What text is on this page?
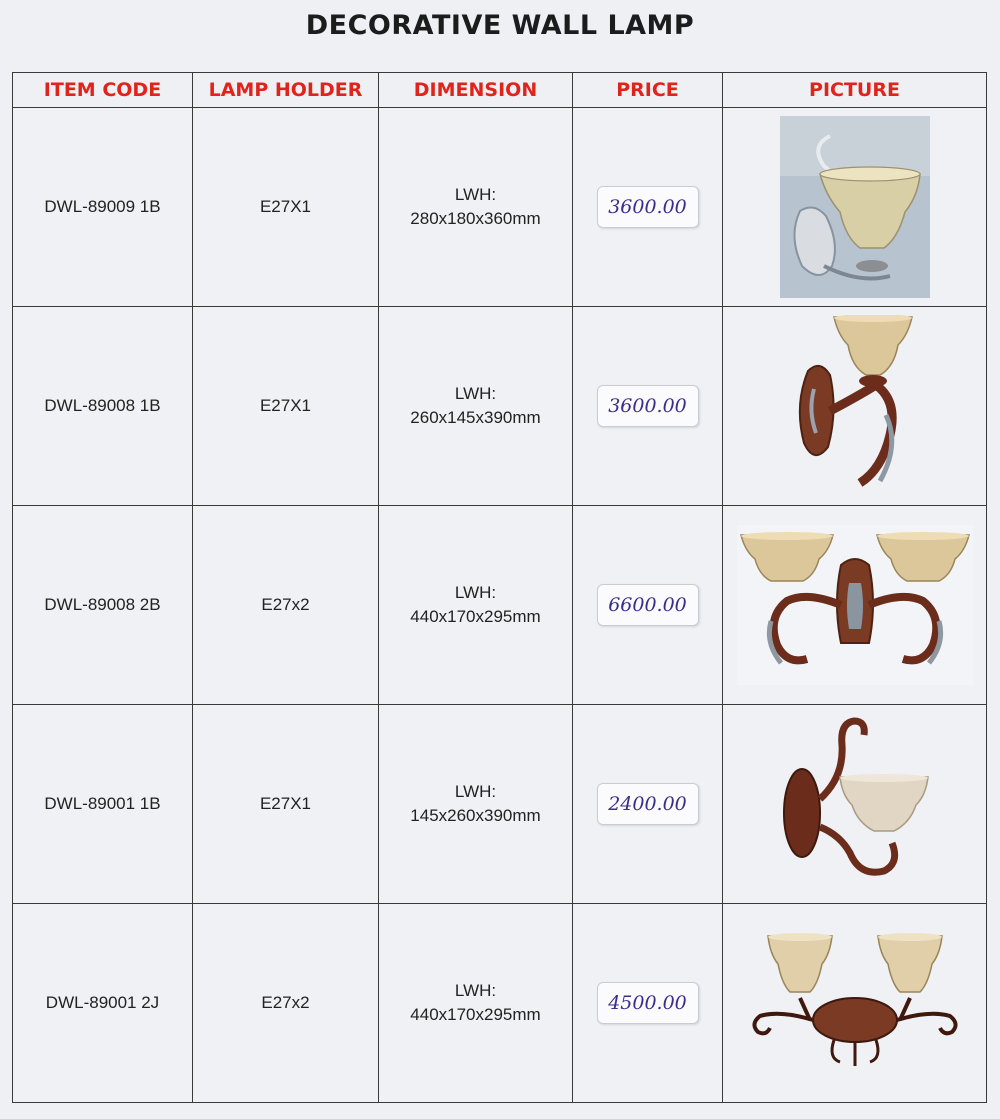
DECORATIVE WALL LAMP
ITEM CODE	LAMP HOLDER	DIMENSION	PRICE	PICTURE
DWL-89009 1B	E27X1	LWH:
280x180x360mm	3600.00	

DWL-89008 1B	E27X1	LWH:
260x145x390mm	3600.00	

DWL-89008 2B	E27x2	LWH:
440x170x295mm	6600.00	

DWL-89001 1B	E27X1	LWH:
145x260x390mm	2400.00	

DWL-89001 2J	E27x2	LWH:
440x170x295mm	4500.00	
